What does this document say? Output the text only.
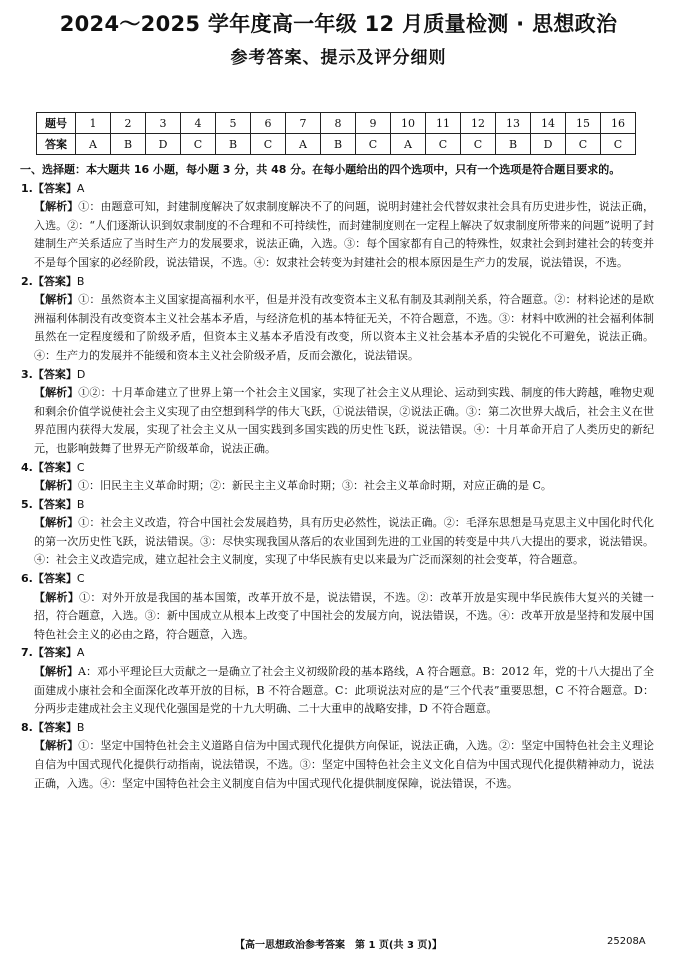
2024～2025 学年度高一年级 12 月质量检测 · 思想政治
参考答案、提示及评分细则
题号	1	2	3	4	5	6	7	8	9	10	11	12	13	14	15	16
答案	A	B	D	C	B	C	A	B	C	A	C	C	B	D	C	C

一、选择题：本大题共 16 小题，每小题 3 分，共 48 分。在每小题给出的四个选项中，只有一个选项是符合题目要求的。

1.【答案】A

【解析】①：由题意可知，封建制度解决了奴隶制度解决不了的问题，说明封建社会代替奴隶社会具有历史进步性，说法正确，入选。②：“人们逐渐认识到奴隶制度的不合理和不可持续性，而封建制度则在一定程上解决了奴隶制度所带来的问题”说明了封建制生产关系适应了当时生产力的发展要求，说法正确，入选。③：每个国家都有自己的特殊性，奴隶社会到封建社会的转变并不是每个国家的必经阶段，说法错误，不选。④：奴隶社会转变为封建社会的根本原因是生产力的发展，说法错误，不选。

2.【答案】B

【解析】①：虽然资本主义国家提高福利水平，但是并没有改变资本主义私有制及其剥削关系，符合题意。②：材料论述的是欧洲福利体制没有改变资本主义社会基本矛盾，与经济危机的基本特征无关，不符合题意，不选。③：材料中欧洲的社会福利体制虽然在一定程度缓和了阶级矛盾，但资本主义基本矛盾没有改变，所以资本主义社会基本矛盾的尖锐化不可避免，说法正确。④：生产力的发展并不能缓和资本主义社会阶级矛盾，反而会激化，说法错误。

3.【答案】D

【解析】①②：十月革命建立了世界上第一个社会主义国家，实现了社会主义从理论、运动到实践、制度的伟大跨越，唯物史观和剩余价值学说使社会主义实现了由空想到科学的伟大飞跃，①说法错误，②说法正确。③：第二次世界大战后，社会主义在世界范围内获得大发展，实现了社会主义从一国实践到多国实践的历史性飞跃，说法错误。④：十月革命开启了人类历史的新纪元，也影响鼓舞了世界无产阶级革命，说法正确。

4.【答案】C

【解析】①：旧民主主义革命时期；②：新民主主义革命时期；③：社会主义革命时期，对应正确的是 C。

5.【答案】B

【解析】①：社会主义改造，符合中国社会发展趋势，具有历史必然性，说法正确。②：毛泽东思想是马克思主义中国化时代化的第一次历史性飞跃，说法错误。③：尽快实现我国从落后的农业国到先进的工业国的转变是中共八大提出的要求，说法错误。④：社会主义改造完成，建立起社会主义制度，实现了中华民族有史以来最为广泛而深刻的社会变革，符合题意。

6.【答案】C

【解析】①：对外开放是我国的基本国策，改革开放不是，说法错误，不选。②：改革开放是实现中华民族伟大复兴的关键一招，符合题意，入选。③：新中国成立从根本上改变了中国社会的发展方向，说法错误，不选。④：改革开放是坚持和发展中国特色社会主义的必由之路，符合题意，入选。

7.【答案】A

【解析】A：邓小平理论巨大贡献之一是确立了社会主义初级阶段的基本路线，A 符合题意。B：2012 年，党的十八大提出了全面建成小康社会和全面深化改革开放的目标，B 不符合题意。C：此项说法对应的是“三个代表”重要思想，C 不符合题意。D：分两步走建成社会主义现代化强国是党的十九大明确、二十大重申的战略安排，D 不符合题意。

8.【答案】B

【解析】①：坚定中国特色社会主义道路自信为中国式现代化提供方向保证，说法正确，入选。②：坚定中国特色社会主义理论自信为中国式现代化提供行动指南，说法错误，不选。③：坚定中国特色社会主义文化自信为中国式现代化提供精神动力，说法正确，入选。④：坚定中国特色社会主义制度自信为中国式现代化提供制度保障，说法错误，不选。

【高一思想政治参考答案　第 1 页(共 3 页)】	25208A
